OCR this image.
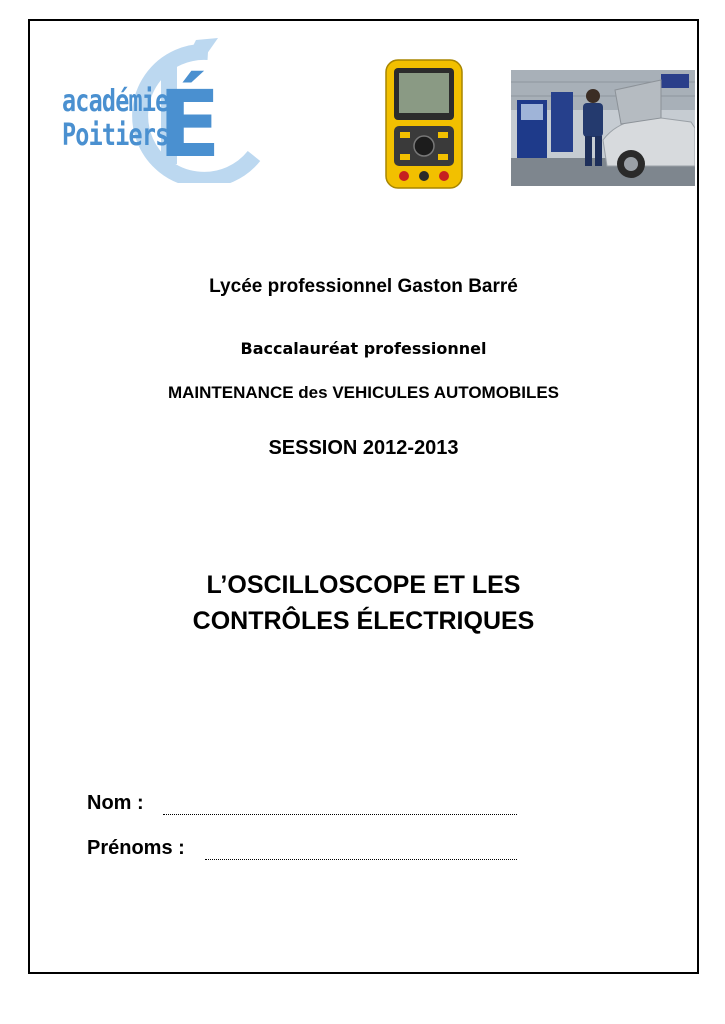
É
académie
Poitiers
Lycée professionnel Gaston Barré
Baccalauréat professionnel
MAINTENANCE des VEHICULES AUTOMOBILES
SESSION 2012-2013
L’OSCILLOSCOPE ET LES
CONTRÔLES ÉLECTRIQUES
Nom :
Prénoms :
